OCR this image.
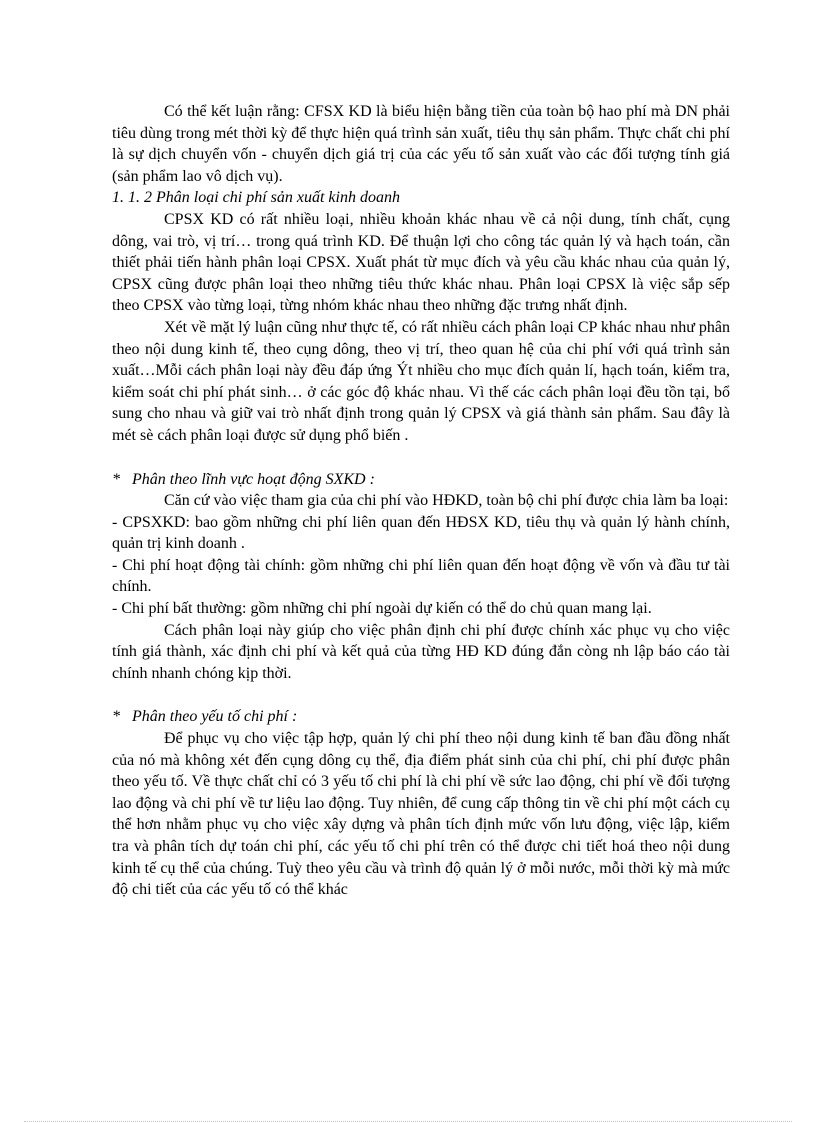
Có thể kết luận rằng: CFSX KD là biểu hiện bằng tiền của toàn bộ hao phí mà DN phải tiêu dùng trong mét thời kỳ để thực hiện quá trình sản xuất, tiêu thụ sản phẩm. Thực chất chi phí là sự dịch chuyển vốn - chuyển dịch giá trị của các yếu tố sản xuất vào các đối tượng tính giá (sản phẩm lao vô dịch vụ).

1. 1. 2 Phân loại chi phí sản xuất kinh doanh

CPSX KD có rất nhiều loại, nhiều khoản khác nhau về cả nội dung, tính chất, cụng dông, vai trò, vị trí… trong quá trình KD. Để thuận lợi cho công tác quản lý và hạch toán, cần thiết phải tiến hành phân loại CPSX. Xuất phát từ mục đích và yêu cầu khác nhau của quản lý, CPSX cũng được phân loại theo những tiêu thức khác nhau. Phân loại CPSX là việc sắp sếp theo CPSX vào từng loại, từng nhóm khác nhau theo những đặc trưng nhất định.

Xét về mặt lý luận cũng như thực tế, có rất nhiều cách phân loại CP khác nhau như phân theo nội dung kinh tế, theo cụng dông, theo vị trí, theo quan hệ của chi phí với quá trình sản xuất…Mỗi cách phân loại này đều đáp ứng Ýt nhiều cho mục đích quản lí, hạch toán, kiểm tra, kiểm soát chi phí phát sinh… ở các góc độ khác nhau. Vì thế các cách phân loại đều tồn tại, bổ sung cho nhau và giữ vai trò nhất định trong quản lý CPSX và giá thành sản phẩm. Sau đây là mét sè cách phân loại được sử dụng phổ biến .

*   Phân theo lĩnh vực hoạt động SXKD :

Căn cứ vào việc tham gia của chi phí vào HĐKD, toàn bộ chi phí được chia làm ba loại:

- CPSXKD: bao gồm những chi phí liên quan đến HĐSX KD, tiêu thụ và quản lý hành chính, quản trị kinh doanh .

- Chi phí hoạt động tài chính: gồm những chi phí liên quan đến hoạt động về vốn và đầu tư tài chính.

- Chi phí bất thường: gồm những chi phí ngoài dự kiến có thể do chủ quan mang lại.

Cách phân loại này giúp cho việc phân định chi phí được chính xác phục vụ cho việc tính giá thành, xác định chi phí và kết quả của từng HĐ KD đúng đắn còng nh lập báo cáo tài chính nhanh chóng kịp thời.

*   Phân theo yếu tố chi phí :

Để phục vụ cho việc tập hợp, quản lý chi phí theo nội dung kinh tế ban đầu đồng nhất của nó mà không xét đến cụng dông cụ thể, địa điểm phát sinh của chi phí, chi phí được phân theo yếu tố. Về thực chất chỉ có 3 yếu tố chi phí là chi phí về sức lao động, chi phí về đối tượng lao động và chi phí về tư liệu lao động. Tuy nhiên, để cung cấp thông tin về chi phí một cách cụ thể hơn nhằm phục vụ cho việc xây dựng và phân tích định mức vốn lưu động, việc lập, kiểm tra và phân tích dự toán chi phí, các yếu tố chi phí trên có thể được chi tiết hoá theo nội dung kinh tế cụ thể của chúng. Tuỳ theo yêu cầu và trình độ quản lý ở mỗi nước, mỗi thời kỳ mà mức độ chi tiết của các yếu tố có thể khác
